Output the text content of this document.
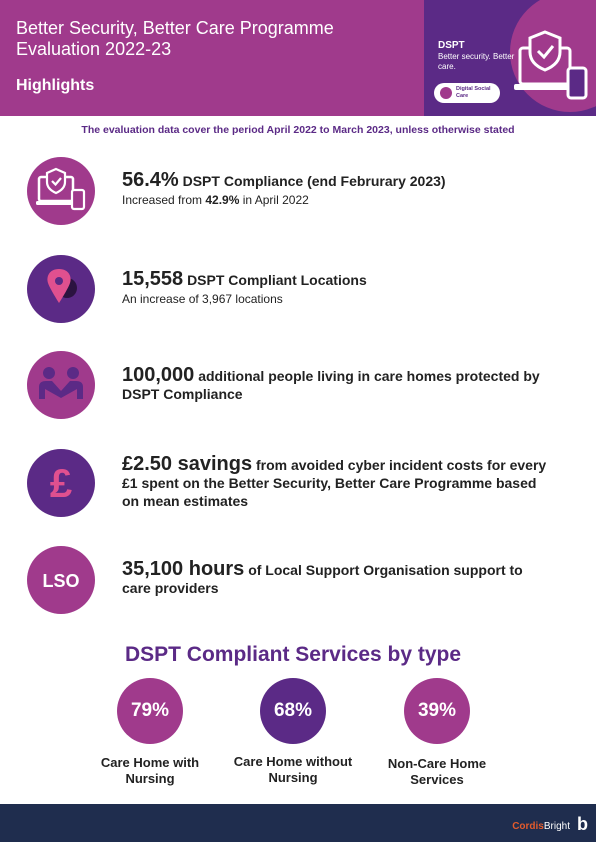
Better Security, Better Care Programme Evaluation 2022-23
Highlights
DSPT
Better security. Better care.
Digital Social Care
The evaluation data cover the period April 2022 to March 2023, unless otherwise stated
56.4% DSPT Compliance (end Februrary 2023)
Increased from 42.9% in April 2022
15,558 DSPT Compliant Locations
An increase of 3,967 locations
100,000 additional people living in care homes protected by DSPT Compliance
£ £2.50 savings from avoided cyber incident costs for every £1 spent on the Better Security, Better Care Programme based on mean estimates
LSO
35,100 hours of Local Support Organisation support to care providers
DSPT Compliant Services by type
79%
Care Home with Nursing
68%
Care Home without Nursing
39%
Non-Care Home Services
CordisBright b
